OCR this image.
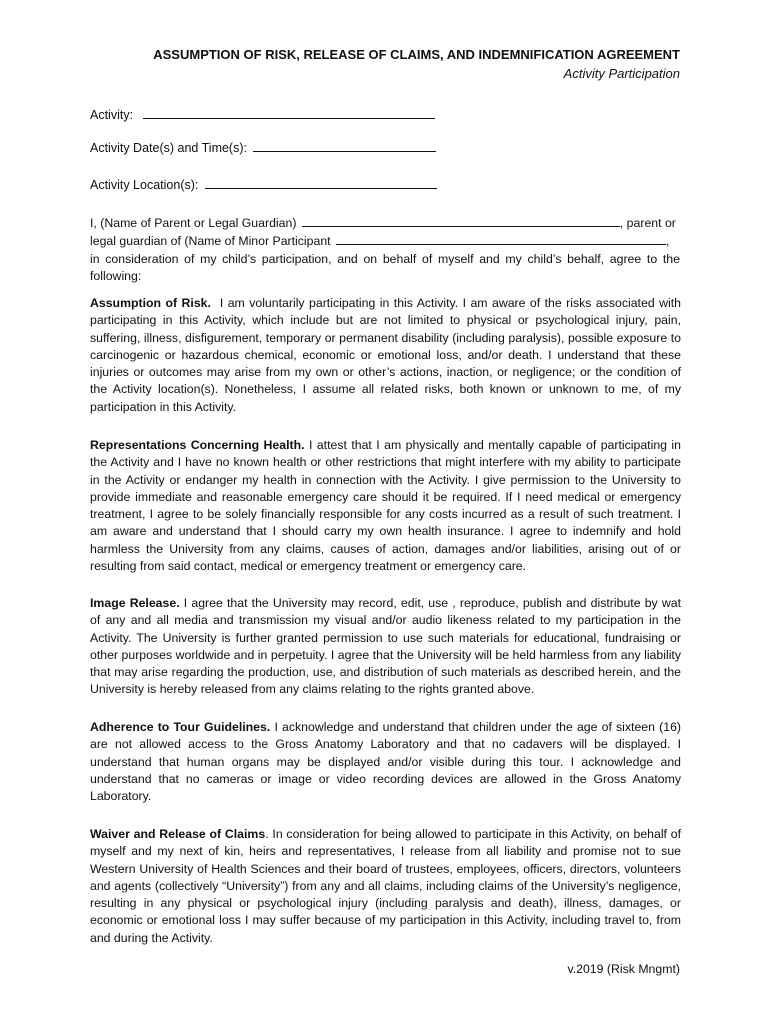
ASSUMPTION OF RISK, RELEASE OF CLAIMS, AND INDEMNIFICATION AGREEMENT
Activity Participation
Activity:
Activity Date(s) and Time(s):
Activity Location(s):
I, (Name of Parent or Legal Guardian)	, parent or
legal guardian of (Name of Minor Participant	,
in consideration of my child’s participation, and on behalf of myself and my child’s behalf, agree to the following:
Assumption of Risk. I am voluntarily participating in this Activity. I am aware of the risks associated with participating in this Activity, which include but are not limited to physical or psychological injury, pain, suffering, illness, disfigurement, temporary or permanent disability (including paralysis), possible exposure to carcinogenic or hazardous chemical, economic or emotional loss, and/or death. I understand that these injuries or outcomes may arise from my own or other’s actions, inaction, or negligence; or the condition of the Activity location(s). Nonetheless, I assume all related risks, both known or unknown to me, of my participation in this Activity.
Representations Concerning Health. I attest that I am physically and mentally capable of participating in the Activity and I have no known health or other restrictions that might interfere with my ability to participate in the Activity or endanger my health in connection with the Activity. I give permission to the University to provide immediate and reasonable emergency care should it be required. If I need medical or emergency treatment, I agree to be solely financially responsible for any costs incurred as a result of such treatment. I am aware and understand that I should carry my own health insurance. I agree to indemnify and hold harmless the University from any claims, causes of action, damages and/or liabilities, arising out of or resulting from said contact, medical or emergency treatment or emergency care.
Image Release. I agree that the University may record, edit, use , reproduce, publish and distribute by wat of any and all media and transmission my visual and/or audio likeness related to my participation in the Activity. The University is further granted permission to use such materials for educational, fundraising or other purposes worldwide and in perpetuity. I agree that the University will be held harmless from any liability that may arise regarding the production, use, and distribution of such materials as described herein, and the University is hereby released from any claims relating to the rights granted above.
Adherence to Tour Guidelines. I acknowledge and understand that children under the age of sixteen (16) are not allowed access to the Gross Anatomy Laboratory and that no cadavers will be displayed. I understand that human organs may be displayed and/or visible during this tour. I acknowledge and understand that no cameras or image or video recording devices are allowed in the Gross Anatomy Laboratory.
Waiver and Release of Claims. In consideration for being allowed to participate in this Activity, on behalf of myself and my next of kin, heirs and representatives, I release from all liability and promise not to sue Western University of Health Sciences and their board of trustees, employees, officers, directors, volunteers and agents (collectively “University”) from any and all claims, including claims of the University’s negligence, resulting in any physical or psychological injury (including paralysis and death), illness, damages, or economic or emotional loss I may suffer because of my participation in this Activity, including travel to, from and during the Activity.
v.2019 (Risk Mngmt)
